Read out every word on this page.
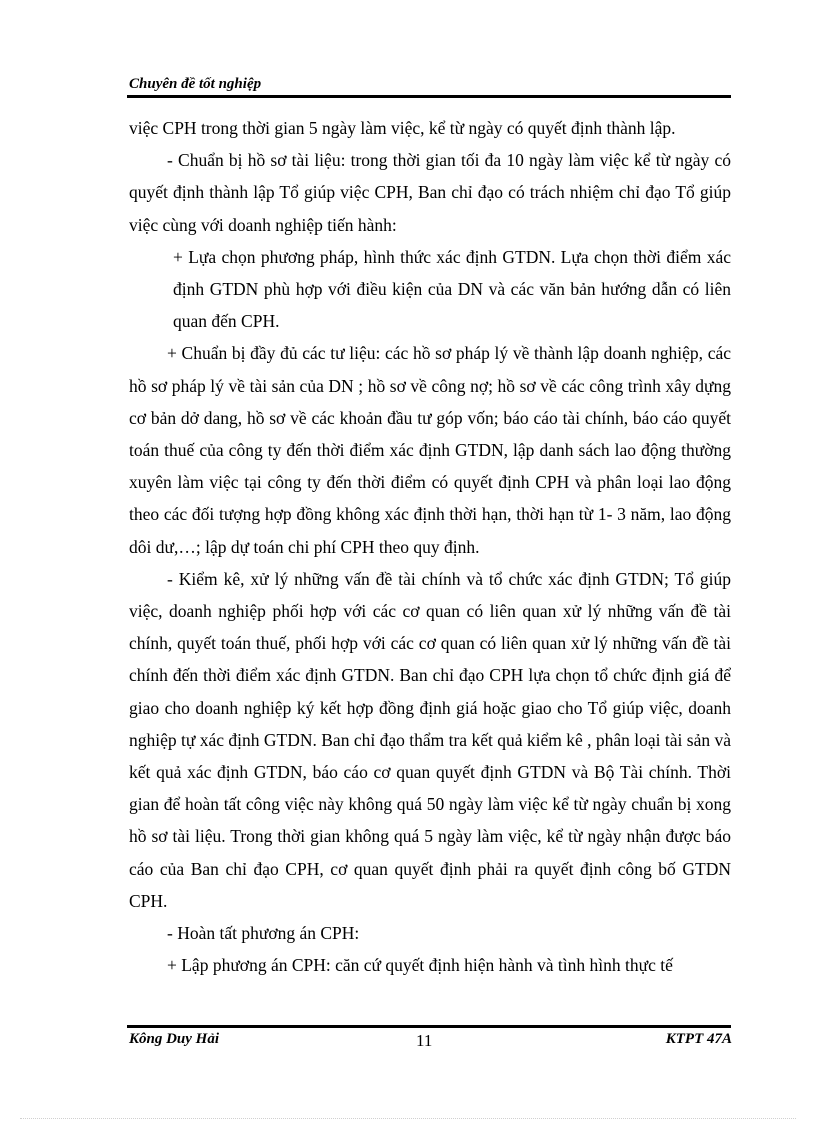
Chuyên đề tốt nghiệp

việc CPH trong thời gian 5 ngày làm việc, kể từ ngày có quyết định thành lập.

- Chuẩn bị hồ sơ tài liệu: trong thời gian tối đa 10 ngày làm việc kể từ ngày có quyết định thành lập Tổ giúp việc CPH, Ban chỉ đạo có trách nhiệm chỉ đạo Tổ giúp việc cùng với doanh nghiệp tiến hành:

+ Lựa chọn phương pháp, hình thức xác định GTDN. Lựa chọn thời điểm xác định GTDN phù hợp với điều kiện của DN và các văn bản hướng dẫn có liên quan đến CPH.

+ Chuẩn bị đầy đủ các tư liệu: các hồ sơ pháp lý về thành lập doanh nghiệp, các hồ sơ pháp lý về tài sản của DN ; hồ sơ về công nợ; hồ sơ về các công trình xây dựng cơ bản dở dang, hồ sơ về các khoản đầu tư góp vốn; báo cáo tài chính, báo cáo quyết toán thuế của công ty đến thời điểm xác định GTDN, lập danh sách lao động thường xuyên làm việc tại công ty đến thời điểm có quyết định CPH và phân loại lao động theo các đối tượng hợp đồng không xác định thời hạn, thời hạn từ 1- 3 năm, lao động dôi dư,…; lập dự toán chi phí CPH theo quy định.

- Kiểm kê, xử lý những vấn đề tài chính và tổ chức xác định GTDN; Tổ giúp việc, doanh nghiệp phối hợp với các cơ quan có liên quan xử lý những vấn đề tài chính, quyết toán thuế, phối hợp với các cơ quan có liên quan xử lý những vấn đề tài chính đến thời điểm xác định GTDN. Ban chỉ đạo CPH lựa chọn tổ chức định giá để giao cho doanh nghiệp ký kết hợp đồng định giá hoặc giao cho Tổ giúp việc, doanh nghiệp tự xác định GTDN. Ban chỉ đạo thẩm tra kết quả kiểm kê , phân loại tài sản và kết quả xác định GTDN, báo cáo cơ quan quyết định GTDN và Bộ Tài chính. Thời gian để hoàn tất công việc này không quá 50 ngày làm việc kể từ ngày chuẩn bị xong hồ sơ tài liệu. Trong thời gian không quá 5 ngày làm việc, kể từ ngày nhận được báo cáo của Ban chỉ đạo CPH, cơ quan quyết định phải ra quyết định công bố GTDN CPH.

- Hoàn tất phương án CPH:

+ Lập phương án CPH: căn cứ quyết định hiện hành và tình hình thực tế

Kông Duy Hải	11	KTPT 47A
